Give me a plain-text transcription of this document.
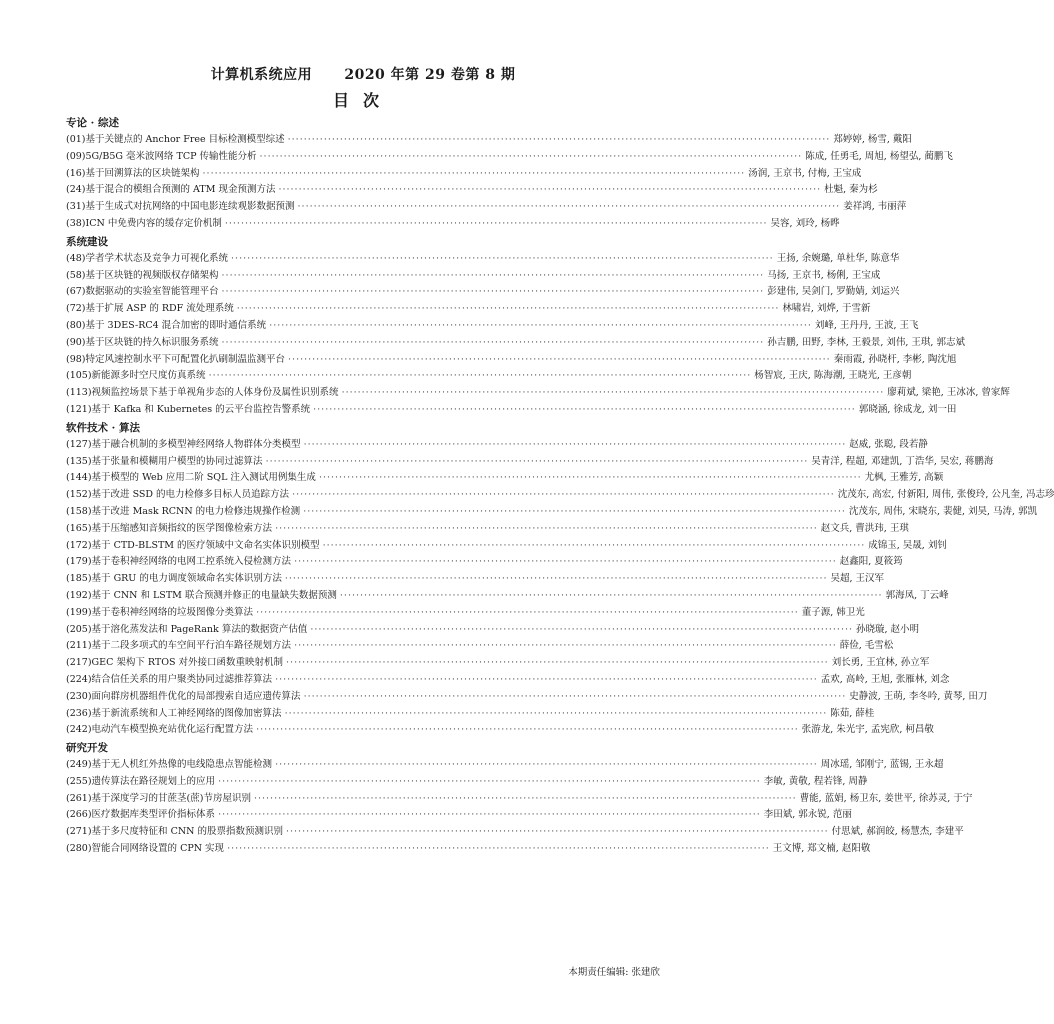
计算机系统应用      2020 年第 29 卷第 8 期
目次
专论 · 综述
(01) 基于关键点的 Anchor Free 目标检测模型综述 ·····	郑婷婷, 杨雪, 戴阳
(09) 5G/B5G 毫米波网络 TCP 传输性能分析 ·····	陈成, 任勇毛, 周旭, 杨望弘, 蔺鹏飞
(16) 基于回溯算法的区块链架构 ·····	汤润, 王京书, 付梅, 王宝成
(24) 基于混合的模组合预测的 ATM 现金预测方法 ·····	杜魁, 秦为杉
(31) 基于生成式对抗网络的中国电影连续观影数据预测 ·····	姜祥鸿, 韦丽萍
(38) ICN 中免费内容的缓存定价机制 ·····	吴容, 刘玲, 杨晔
系统建设
(48) 学者学术状态及竞争力可视化系统 ·····	王扬, 余婉璐, 单杜华, 陈意华
(58) 基于区块链的视频版权存储架构 ·····	马扬, 王京书, 杨俐, 王宝成
(67) 数据驱动的实验室智能管理平台 ·····	彭建伟, 吴剑门, 罗勤婧, 刘运兴
(72) 基于扩展 ASP 的 RDF 流处理系统 ·····	林啸岩, 刘烨, 于雪新
(80) 基于 3DES-RC4 混合加密的即时通信系统 ·····	刘峰, 王丹丹, 王波, 王飞
(90) 基于区块链的持久标识服务系统 ·····	孙吉鹏, 田野, 李林, 王毅景, 刘伟, 王琪, 郭志斌
(98) 特定风速控制水平下可配置化扒刷制温监测平台 ·····	秦雨霞, 孙晓杆, 李彬, 陶沈旭
(105) 新能源多时空尺度仿真系统 ·····	杨智宸, 王庆, 陈海潮, 王晓光, 王彦朝
(113) 视频监控场景下基于单视角步态的人体身份及属性识别系统 ·····	廖莉斌, 梁艳, 王冰冰, 曾家辉
(121) 基于 Kafka 和 Kubernetes 的云平台监控告警系统 ·····	郭晓涵, 徐成龙, 刘一田
软件技术 · 算法
(127) 基于融合机制的多模型神经网络人物群体分类模型 ·····	赵威, 张聪, 段若静
(135) 基于张量和模糊用户模型的协同过滤算法 ·····	吴青洋, 程超, 邓建凯, 丁浩华, 吴宏, 蒋鹏海
(144) 基于模型的 Web 应用二阶 SQL 注入测试用例集生成 ·····	尤枫, 王雅芳, 高颖
(152) 基于改进 SSD 的电力检修多目标人员追踪方法 ·····	沈茂东, 高宏, 付新阳, 周伟, 张俊玲, 公凡奎, 冯志珍
(158) 基于改进 Mask RCNN 的电力检修违规操作检测 ·····	沈茂东, 周伟, 宋晓东, 裴健, 刘昊, 马涛, 郭凯
(165) 基于压缩感知音频指纹的医学图像检索方法 ·····	赵文兵, 曹洪玮, 王琪
(172) 基于 CTD-BLSTM 的医疗领域中文命名实体识别模型 ·····	成锦玉, 吴晟, 刘钊
(179) 基于卷积神经网络的电网工控系统入侵检测方法 ·····	赵鑫阳, 夏筱筠
(185) 基于 GRU 的电力调度领域命名实体识别方法 ·····	吴超, 王汉军
(192) 基于 CNN 和 LSTM 联合预测并修正的电量缺失数据预测 ·····	郭海凤, 丁云峰
(199) 基于卷积神经网络的垃圾图像分类算法 ·····	董子源, 韩卫光
(205) 基于溶化蒸发法和 PageRank 算法的数据资产估值 ·····	孙晓璇, 赵小明
(211) 基于二段多项式的车空间平行泊车路径规划方法 ·····	薛俭, 毛雪松
(217) GEC 架构下 RTOS 对外接口函数重映射机制 ·····	刘长勇, 王宜林, 孙立军
(224) 结合信任关系的用户聚类协同过滤推荐算法 ·····	孟欢, 高岭, 王旭, 张雁林, 刘念
(230) 面向群房机器组件优化的局部搜索自适应遗传算法 ·····	史静波, 王萌, 李冬吟, 黄琴, 田刀
(236) 基于新流系统和人工神经网络的图像加密算法 ·····	陈茹, 薛桂
(242) 电动汽车模型换充站优化运行配置方法 ·····	张游龙, 朱光宇, 孟宪欣, 柯昌敬
研究开发
(249) 基于无人机红外热像的电线隐患点智能检测 ·····	周冰瑶, 邹刚宁, 蓝锡, 王永超
(255) 遗传算法在路径规划上的应用 ·····	李敏, 黄敬, 程若锋, 周静
(261) 基于深度学习的甘蔗茎(蔗)节房屋识别 ·····	曹能, 蓝娟, 杨卫东, 姜世平, 徐苏灵, 于宁
(266) 医疗数据库类型评价指标体系 ·····	李田斌, 郭永锐, 范丽
(271) 基于多尺度特征和 CNN 的股票指数预测识别 ·····	付思斌, 郝润皎, 杨慧杰, 李建平
(280) 智能合同网络设置的 CPN 实现 ·····	王文博, 郑文楠, 赵阳敬
本期责任编辑: 张建欣
